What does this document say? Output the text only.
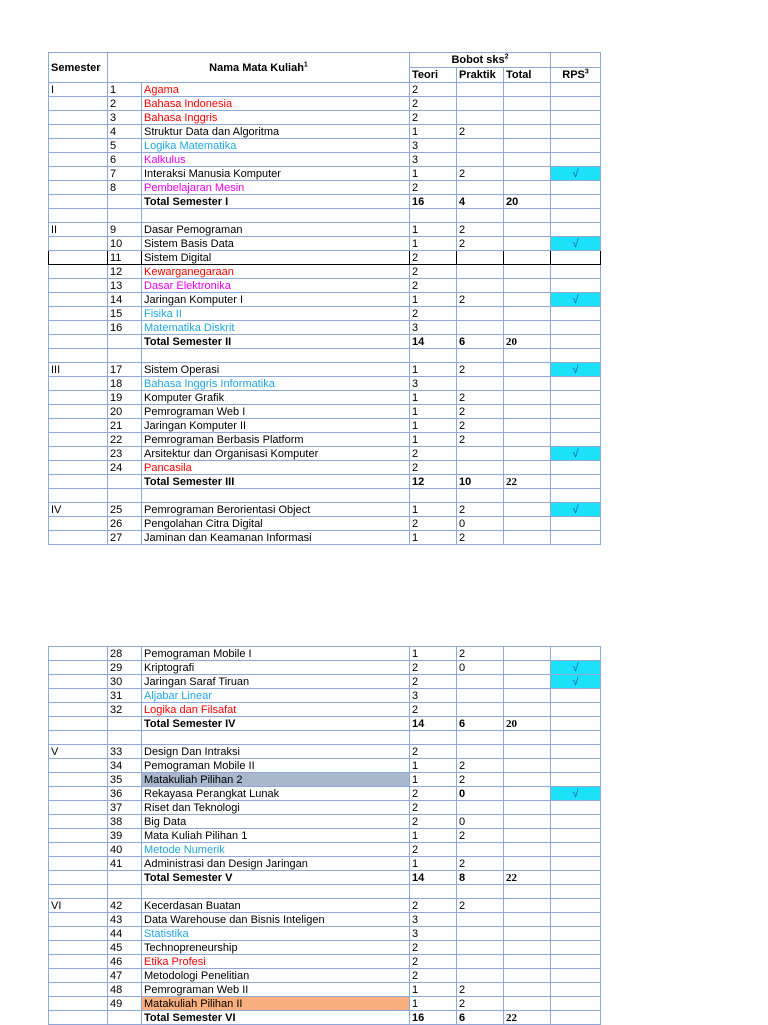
Semester	Nama Mata Kuliah$^1$		Bobot sks$^2$	
			Teori	Praktik	Total	RPS$^3$
I	1	Agama	2			
	2	Bahasa Indonesia	2			
	3	Bahasa Inggris	2			
	4	Struktur Data dan Algoritma	1	2		
	5	Logika Matematika	3			
	6	Kalkulus	3			
	7	Interaksi Manusia Komputer	1	2		√
	8	Pembelajaran Mesin	2			
		Total Semester I	16	4	20	

II	9	Dasar Pemograman	1	2		
	10	Sistem Basis Data	1	2		√
	11	Sistem Digital	2			
	12	Kewarganegaraan	2			
	13	Dasar Elektronika	2			
	14	Jaringan Komputer I	1	2		√
	15	Fisika II	2			
	16	Matematika Diskrit	3			
		Total Semester II	14	6	20	

III	17	Sistem Operasi	1	2		√
	18	Bahasa Inggris Informatika	3			
	19	Komputer Grafik	1	2		
	20	Pemrograman Web I	1	2		
	21	Jaringan Komputer II	1	2		
	22	Pemrograman Berbasis Platform	1	2		
	23	Arsitektur dan Organisasi Komputer	2			√
	24	Pancasila	2			
		Total Semester III	12	10	22	

IV	25	Pemrograman Berorientasi Object	1	2		√
	26	Pengolahan Citra Digital	2	0		
	27	Jaminan dan Keamanan Informasi	1	2		
	28	Pemograman Mobile I	1	2		
	29	Kriptografi	2	0		√
	30	Jaringan Saraf Tiruan	2			√
	31	Aljabar Linear	3			
	32	Logika dan Filsafat	2			
		Total Semester IV	14	6	20	

V	33	Design Dan Intraksi	2			
	34	Pemograman Mobile II	1	2		
	35	Matakuliah Pilihan 2	1	2		
	36	Rekayasa Perangkat Lunak	2	0		√
	37	Riset dan Teknologi	2			
	38	Big Data	2	0		
	39	Mata Kuliah Pilihan 1	1	2		
	40	Metode Numerik	2			
	41	Administrasi dan Design Jaringan	1	2		
		Total Semester V	14	8	22	

VI	42	Kecerdasan Buatan	2	2		
	43	Data Warehouse dan Bisnis Inteligen	3			
	44	Statistika	3			
	45	Technopreneurship	2			
	46	Etika Profesi	2			
	47	Metodologi Penelitian	2			
	48	Pemrograman Web II	1	2		
	49	Matakuliah Pilihan II	1	2		
		Total Semester VI	16	6	22	
